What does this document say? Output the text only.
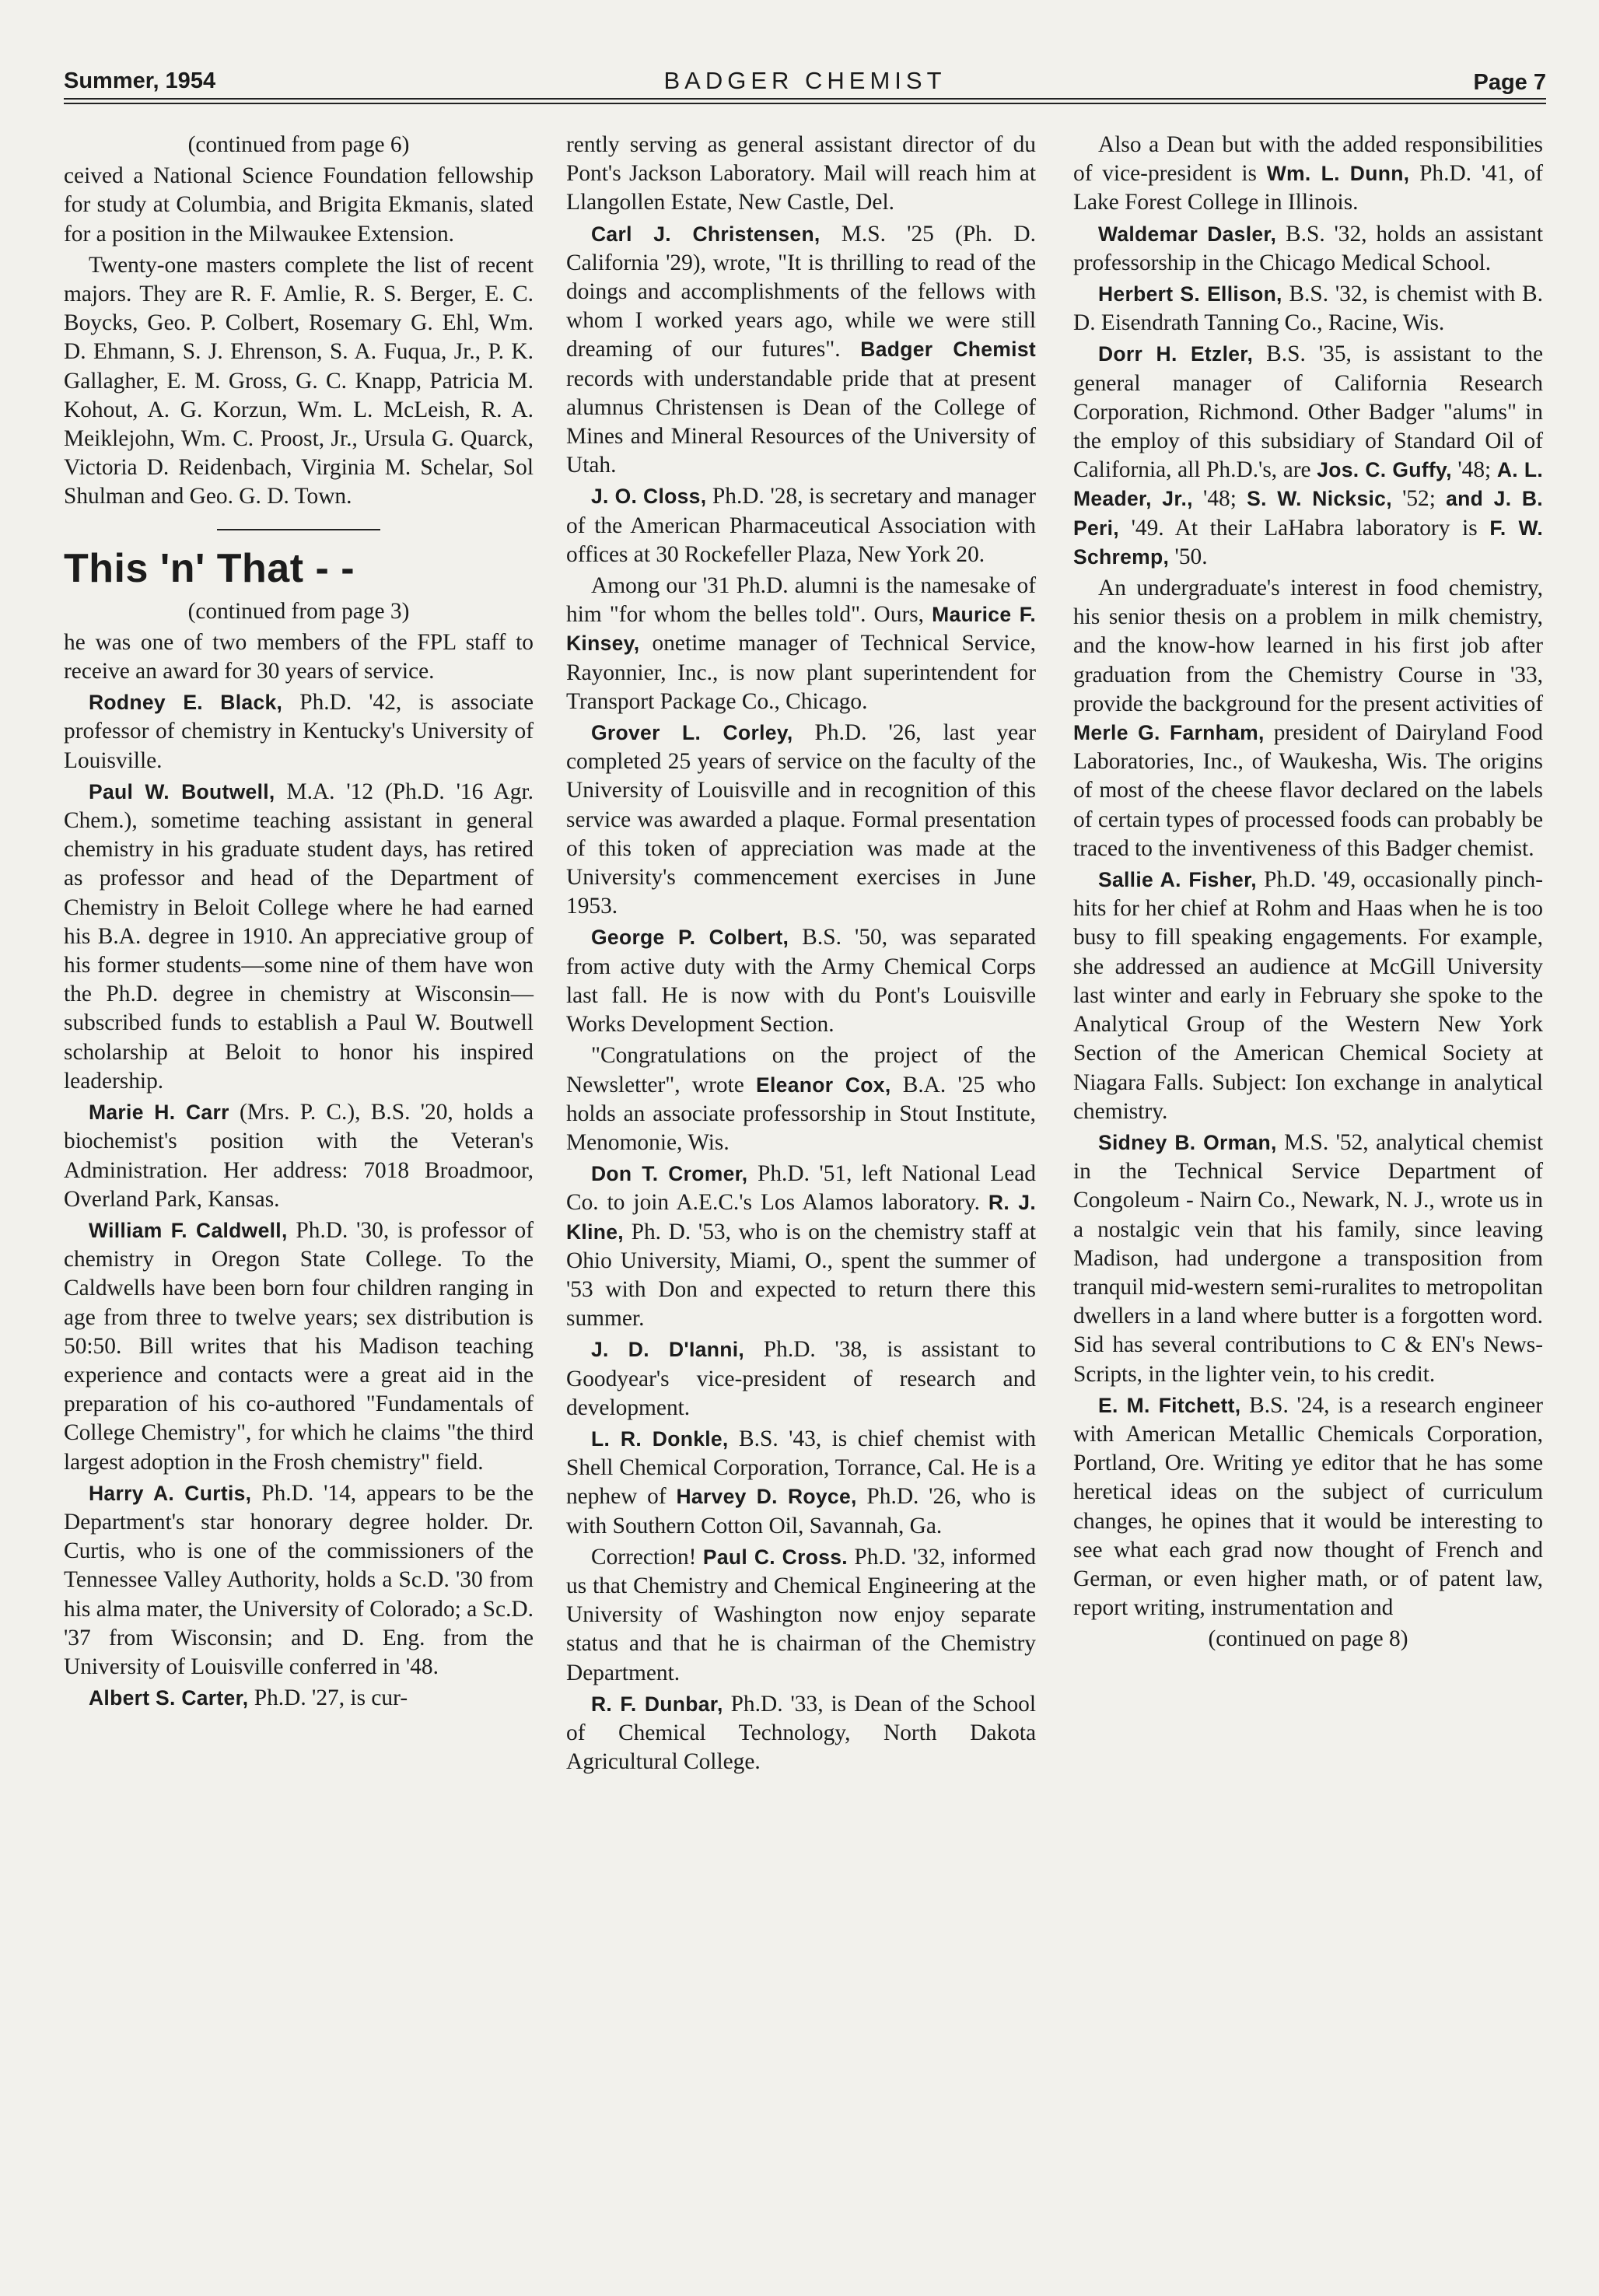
Summer, 1954	BADGER CHEMIST	Page 7

(continued from page 6)

ceived a National Science Foundation fellowship for study at Columbia, and Brigita Ekmanis, slated for a position in the Milwaukee Extension.

Twenty-one masters complete the list of recent majors. They are R. F. Amlie, R. S. Berger, E. C. Boycks, Geo. P. Colbert, Rosemary G. Ehl, Wm. D. Ehmann, S. J. Ehrenson, S. A. Fuqua, Jr., P. K. Gallagher, E. M. Gross, G. C. Knapp, Patricia M. Kohout, A. G. Korzun, Wm. L. McLeish, R. A. Meiklejohn, Wm. C. Proost, Jr., Ursula G. Quarck, Victoria D. Reidenbach, Virginia M. Schelar, Sol Shulman and Geo. G. D. Town.

This 'n' That - -

(continued from page 3)

he was one of two members of the FPL staff to receive an award for 30 years of service.

Rodney E. Black, Ph.D. '42, is associate professor of chemistry in Kentucky's University of Louisville.

Paul W. Boutwell, M.A. '12 (Ph.D. '16 Agr. Chem.), sometime teaching assistant in general chemistry in his graduate student days, has retired as professor and head of the Department of Chemistry in Beloit College where he had earned his B.A. degree in 1910. An appreciative group of his former students—some nine of them have won the Ph.D. degree in chemistry at Wisconsin—subscribed funds to establish a Paul W. Boutwell scholarship at Beloit to honor his inspired leadership.

Marie H. Carr (Mrs. P. C.), B.S. '20, holds a biochemist's position with the Veteran's Administration. Her address: 7018 Broadmoor, Overland Park, Kansas.

William F. Caldwell, Ph.D. '30, is professor of chemistry in Oregon State College. To the Caldwells have been born four children ranging in age from three to twelve years; sex distribution is 50:50. Bill writes that his Madison teaching experience and contacts were a great aid in the preparation of his co-authored "Fundamentals of College Chemistry", for which he claims "the third largest adoption in the Frosh chemistry" field.

Harry A. Curtis, Ph.D. '14, appears to be the Department's star honorary degree holder. Dr. Curtis, who is one of the commissioners of the Tennessee Valley Authority, holds a Sc.D. '30 from his alma mater, the University of Colorado; a Sc.D. '37 from Wisconsin; and D. Eng. from the University of Louisville conferred in '48.

Albert S. Carter, Ph.D. '27, is cur-

rently serving as general assistant director of du Pont's Jackson Laboratory. Mail will reach him at Llangollen Estate, New Castle, Del.

Carl J. Christensen, M.S. '25 (Ph. D. California '29), wrote, "It is thrilling to read of the doings and accomplishments of the fellows with whom I worked years ago, while we were still dreaming of our futures". Badger Chemist records with understandable pride that at present alumnus Christensen is Dean of the College of Mines and Mineral Resources of the University of Utah.

J. O. Closs, Ph.D. '28, is secretary and manager of the American Pharmaceutical Association with offices at 30 Rockefeller Plaza, New York 20.

Among our '31 Ph.D. alumni is the namesake of him "for whom the belles told". Ours, Maurice F. Kinsey, onetime manager of Technical Service, Rayonnier, Inc., is now plant superintendent for Transport Package Co., Chicago.

Grover L. Corley, Ph.D. '26, last year completed 25 years of service on the faculty of the University of Louisville and in recognition of this service was awarded a plaque. Formal presentation of this token of appreciation was made at the University's commencement exercises in June 1953.

George P. Colbert, B.S. '50, was separated from active duty with the Army Chemical Corps last fall. He is now with du Pont's Louisville Works Development Section.

"Congratulations on the project of the Newsletter", wrote Eleanor Cox, B.A. '25 who holds an associate professorship in Stout Institute, Menomonie, Wis.

Don T. Cromer, Ph.D. '51, left National Lead Co. to join A.E.C.'s Los Alamos laboratory. R. J. Kline, Ph. D. '53, who is on the chemistry staff at Ohio University, Miami, O., spent the summer of '53 with Don and expected to return there this summer.

J. D. D'Ianni, Ph.D. '38, is assistant to Goodyear's vice-president of research and development.

L. R. Donkle, B.S. '43, is chief chemist with Shell Chemical Corporation, Torrance, Cal. He is a nephew of Harvey D. Royce, Ph.D. '26, who is with Southern Cotton Oil, Savannah, Ga.

Correction! Paul C. Cross. Ph.D. '32, informed us that Chemistry and Chemical Engineering at the University of Washington now enjoy separate status and that he is chairman of the Chemistry Department.

R. F. Dunbar, Ph.D. '33, is Dean of the School of Chemical Technology, North Dakota Agricultural College.

Also a Dean but with the added responsibilities of vice-president is Wm. L. Dunn, Ph.D. '41, of Lake Forest College in Illinois.

Waldemar Dasler, B.S. '32, holds an assistant professorship in the Chicago Medical School.

Herbert S. Ellison, B.S. '32, is chemist with B. D. Eisendrath Tanning Co., Racine, Wis.

Dorr H. Etzler, B.S. '35, is assistant to the general manager of California Research Corporation, Richmond. Other Badger "alums" in the employ of this subsidiary of Standard Oil of California, all Ph.D.'s, are Jos. C. Guffy, '48; A. L. Meader, Jr., '48; S. W. Nicksic, '52; and J. B. Peri, '49. At their LaHabra laboratory is F. W. Schremp, '50.

An undergraduate's interest in food chemistry, his senior thesis on a problem in milk chemistry, and the know-how learned in his first job after graduation from the Chemistry Course in '33, provide the background for the present activities of Merle G. Farnham, president of Dairyland Food Laboratories, Inc., of Waukesha, Wis. The origins of most of the cheese flavor declared on the labels of certain types of processed foods can probably be traced to the inventiveness of this Badger chemist.

Sallie A. Fisher, Ph.D. '49, occasionally pinch-hits for her chief at Rohm and Haas when he is too busy to fill speaking engagements. For example, she addressed an audience at McGill University last winter and early in February she spoke to the Analytical Group of the Western New York Section of the American Chemical Society at Niagara Falls. Subject: Ion exchange in analytical chemistry.

Sidney B. Orman, M.S. '52, analytical chemist in the Technical Service Department of Congoleum - Nairn Co., Newark, N. J., wrote us in a nostalgic vein that his family, since leaving Madison, had undergone a transposition from tranquil mid-western semi-ruralites to metropolitan dwellers in a land where butter is a forgotten word. Sid has several contributions to C & EN's News-Scripts, in the lighter vein, to his credit.

E. M. Fitchett, B.S. '24, is a research engineer with American Metallic Chemicals Corporation, Portland, Ore. Writing ye editor that he has some heretical ideas on the subject of curriculum changes, he opines that it would be interesting to see what each grad now thought of French and German, or even higher math, or of patent law, report writing, instrumentation and

(continued on page 8)
